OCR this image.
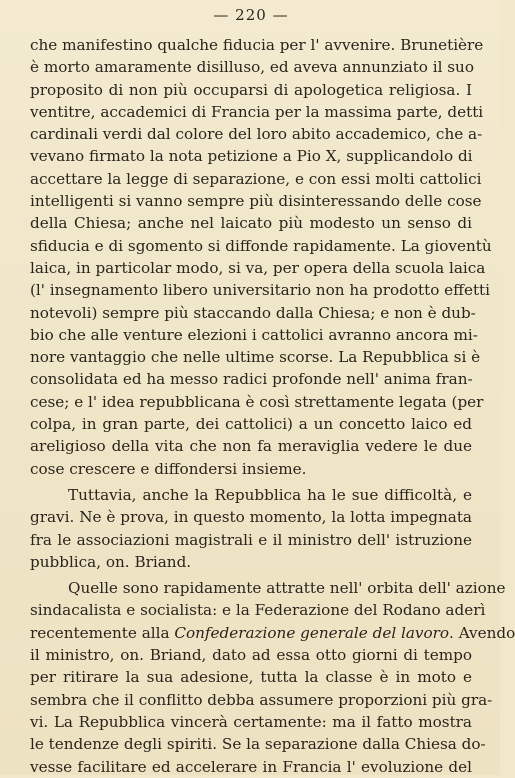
— 220 —
che manifestino qualche fiducia per l' avvenire. Brunetière
è morto amaramente disilluso, ed aveva annunziato il suo
proposito di non più occuparsi di apologetica religiosa. I
ventitre, accademici di Francia per la massima parte, detti
cardinali verdi dal colore del loro abito accademico, che a-
vevano firmato la nota petizione a Pio X, supplicandolo di
accettare la legge di separazione, e con essi molti cattolici
intelligenti si vanno sempre più disinteressando delle cose
della Chiesa; anche nel laicato più modesto un senso di
sfiducia e di sgomento si diffonde rapidamente. La gioventù
laica, in particolar modo, si va, per opera della scuola laica
(l' insegnamento libero universitario non ha prodotto effetti
notevoli) sempre più staccando dalla Chiesa; e non è dub-
bio che alle venture elezioni i cattolici avranno ancora mi-
nore vantaggio che nelle ultime scorse. La Repubblica si è
consolidata ed ha messo radici profonde nell' anima fran-
cese; e l' idea repubblicana è così strettamente legata (per
colpa, in gran parte, dei cattolici) a un concetto laico ed
areligioso della vita che non fa meraviglia vedere le due
cose crescere e diffondersi insieme.
Tuttavia, anche la Repubblica ha le sue difficoltà, e
gravi. Ne è prova, in questo momento, la lotta impegnata
fra le associazioni magistrali e il ministro dell' istruzione
pubblica, on. Briand.
Quelle sono rapidamente attratte nell' orbita dell' azione
sindacalista e socialista: e la Federazione del Rodano aderì
recentemente alla Confederazione generale del lavoro. Avendo
il ministro, on. Briand, dato ad essa otto giorni di tempo
per ritirare la sua adesione, tutta la classe è in moto e
sembra che il conflitto debba assumere proporzioni più gra-
vi. La Repubblica vincerà certamente: ma il fatto mostra
le tendenze degli spiriti. Se la separazione dalla Chiesa do-
vesse facilitare ed accelerare in Francia l' evoluzione del
